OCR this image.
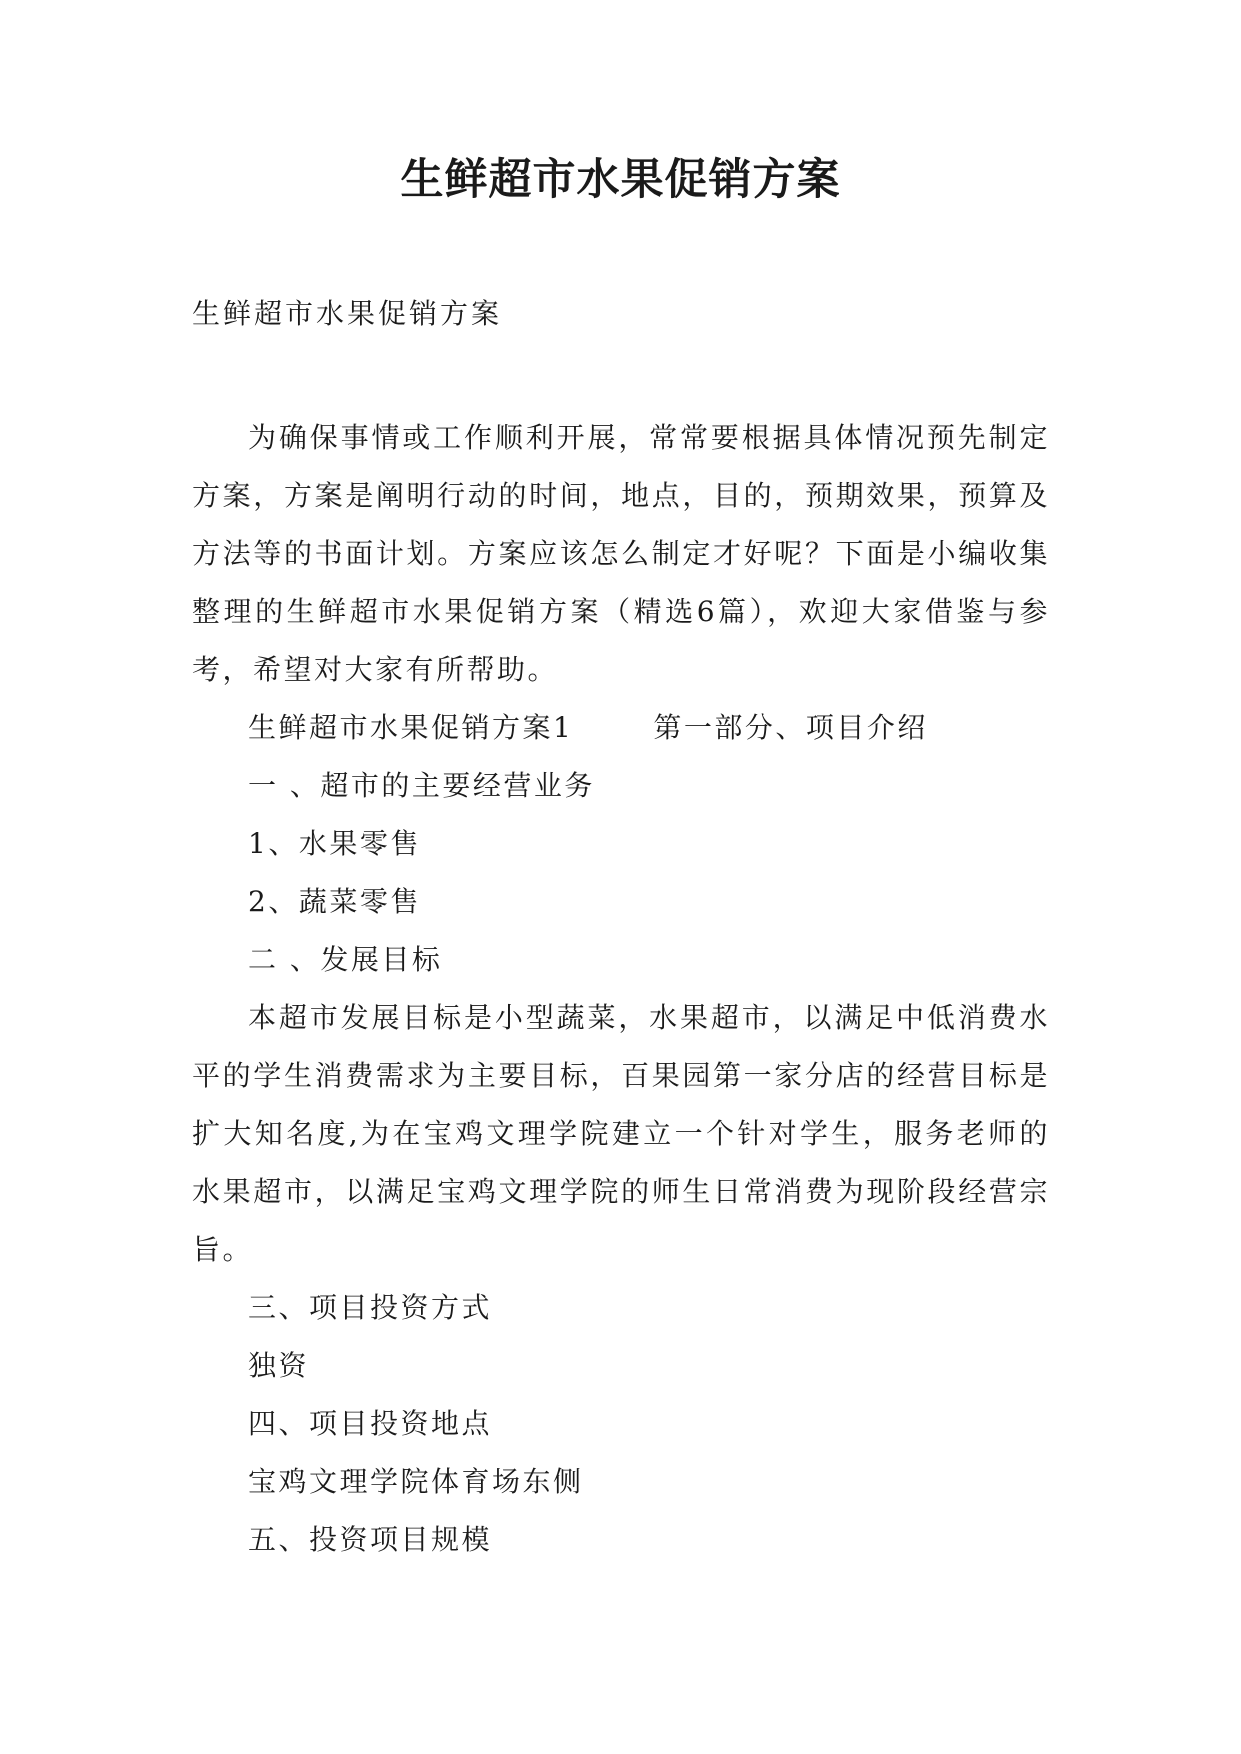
生鲜超市水果促销方案
生鲜超市水果促销方案

为确保事情或工作顺利开展，常常要根据具体情况预先制定方案，方案是阐明行动的时间，地点，目的，预期效果，预算及方法等的书面计划。方案应该怎么制定才好呢？下面是小编收集整理的生鲜超市水果促销方案（精选6篇），欢迎大家借鉴与参考，希望对大家有所帮助。

生鲜超市水果促销方案1	第一部分、项目介绍

一 、超市的主要经营业务

1、水果零售

2、蔬菜零售

二 、发展目标

本超市发展目标是小型蔬菜，水果超市，以满足中低消费水平的学生消费需求为主要目标，百果园第一家分店的经营目标是扩大知名度,为在宝鸡文理学院建立一个针对学生，服务老师的水果超市，以满足宝鸡文理学院的师生日常消费为现阶段经营宗旨。

三、项目投资方式

独资

四、项目投资地点

宝鸡文理学院体育场东侧

五、投资项目规模
